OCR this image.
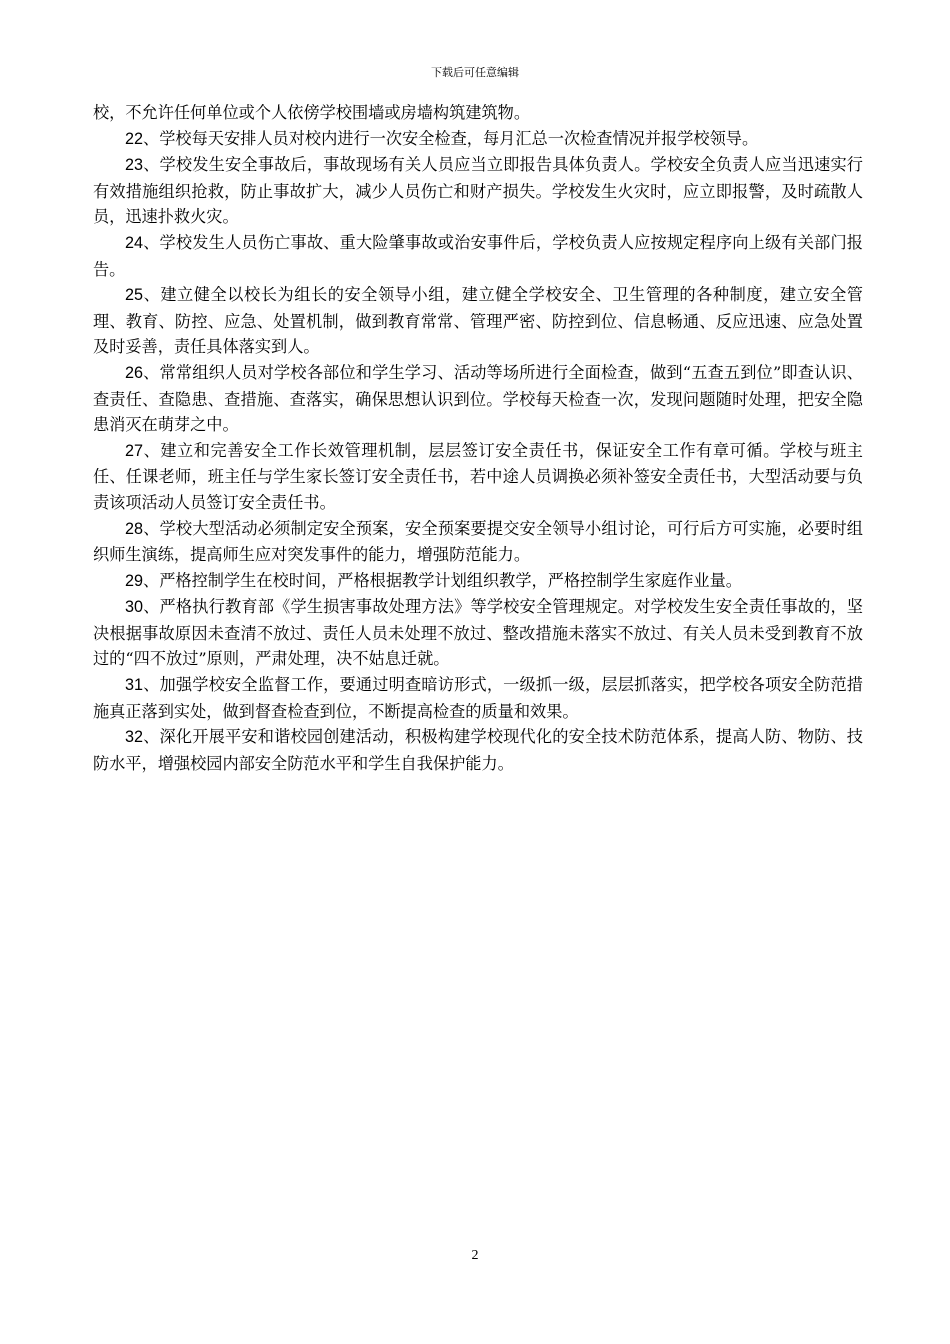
下载后可任意编辑

校，不允许任何单位或个人依傍学校围墙或房墙构筑建筑物。

22、学校每天安排人员对校内进行一次安全检查，每月汇总一次检查情况并报学校领导。

23、学校发生安全事故后，事故现场有关人员应当立即报告具体负责人。学校安全负责人应当迅速实行有效措施组织抢救，防止事故扩大，减少人员伤亡和财产损失。学校发生火灾时，应立即报警，及时疏散人员，迅速扑救火灾。

24、学校发生人员伤亡事故、重大险肇事故或治安事件后，学校负责人应按规定程序向上级有关部门报告。

25、建立健全以校长为组长的安全领导小组，建立健全学校安全、卫生管理的各种制度，建立安全管理、教育、防控、应急、处置机制，做到教育常常、管理严密、防控到位、信息畅通、反应迅速、应急处置及时妥善，责任具体落实到人。

26、常常组织人员对学校各部位和学生学习、活动等场所进行全面检查，做到“五查五到位”即查认识、查责任、查隐患、查措施、查落实，确保思想认识到位。学校每天检查一次，发现问题随时处理，把安全隐患消灭在萌芽之中。

27、建立和完善安全工作长效管理机制，层层签订安全责任书，保证安全工作有章可循。学校与班主任、任课老师，班主任与学生家长签订安全责任书，若中途人员调换必须补签安全责任书，大型活动要与负责该项活动人员签订安全责任书。

28、学校大型活动必须制定安全预案，安全预案要提交安全领导小组讨论，可行后方可实施，必要时组织师生演练，提高师生应对突发事件的能力，增强防范能力。

29、严格控制学生在校时间，严格根据教学计划组织教学，严格控制学生家庭作业量。

30、严格执行教育部《学生损害事故处理方法》等学校安全管理规定。对学校发生安全责任事故的，坚决根据事故原因未查清不放过、责任人员未处理不放过、整改措施未落实不放过、有关人员未受到教育不放过的“四不放过”原则，严肃处理，决不姑息迁就。

31、加强学校安全监督工作，要通过明查暗访形式，一级抓一级，层层抓落实，把学校各项安全防范措施真正落到实处，做到督查检查到位，不断提高检查的质量和效果。

32、深化开展平安和谐校园创建活动，积极构建学校现代化的安全技术防范体系，提高人防、物防、技防水平，增强校园内部安全防范水平和学生自我保护能力。

2
